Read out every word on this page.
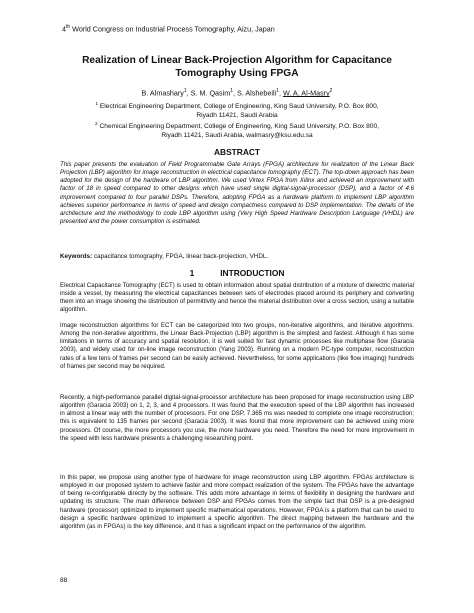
4th World Congress on Industrial Process Tomography, Aizu, Japan
Realization of Linear Back-Projection Algorithm for Capacitance
Tomography Using FPGA
B. Almashary$^1$, S. M. Qasim$^1$, S. Alshebeili$^1$, W. A. Al-Masry$^2$
$^1$ Electrical Engineering Department, College of Engineering, King Saud University, P.O. Box 800,
Riyadh 11421, Saudi Arabia
$^2$ Chemical Engineering Department, College of Engineering, King Saud University, P.O. Box 800,
Riyadh 11421, Saudi Arabia, walmasry@ksu.edu.sa
ABSTRACT
This paper presents the evaluation of Field Programmable Gate Arrays (FPGA) architecture for realization of the Linear Back Projection (LBP) algorithm for image reconstruction in electrical capacitance tomography (ECT). The top-down approach has been adopted for the design of the hardware of LBP algorithm. We used Virtex FPGA from Xilinx and achieved an improvement with factor of 18 in speed compared to other designs which have used single digital-signal-processor (DSP), and a factor of 4.6 improvement compared to four parallel DSPs. Therefore, adopting FPGA as a hardware platform to implement LBP algorithm achieves superior performance in terms of speed and design compactness compared to DSP implementation. The details of the architecture and the methodology to code LBP algorithm using (Very High Speed Hardware Description Language (VHDL) are presented and the power consumption is estimated.
Keywords: capacitance tomography, FPGA, linear back-projection, VHDL.
1	INTRODUCTION
Electrical Capacitance Tomography (ECT) is used to obtain information about spatial distribution of a mixture of dielectric material inside a vessel, by measuring the electrical capacitances between sets of electrodes placed around its periphery and converting them into an image showing the distribution of permittivity and hence the material distribution over a cross section, using a suitable algorithm.
Image reconstruction algorithms for ECT can be categorized into two groups, non-iterative algorithms, and iterative algorithms. Among the non-iterative algorithms, the Linear Back-Projection (LBP) algorithm is the simplest and fastest. Although it has some limitations in terms of accuracy and spatial resolution, it is well suited for fast dynamic processes like multiphase flow (Garacia 2003), and widely used for on-line image reconstruction (Yang 2003). Running on a modern PC-type computer, reconstruction rates of a few tens of frames per second can be easily achieved. Nevertheless, for some applications (like flow imaging) hundreds of frames per second may be required.
Recently, a high-performance parallel digital-signal-processor architecture has been proposed for image reconstruction using LBP algorithm (Garacia 2003) on 1, 2, 3, and 4 processors. It was found that the execution speed of the LBP algorithm has increased in almost a linear way with the number of processors. For one DSP, 7.365 ms was needed to complete one image reconstruction; this is equivalent to 135 frames per second (Garacia 2003). It was found that more improvement can be achieved using more processors. Of course, the more processors you use, the more hardware you need. Therefore the need for more improvement in the speed with less hardware presents a challenging researching point.
In this paper, we propose using another type of hardware for image reconstruction using LBP algorithm. FPGAs architecture is employed in our proposed system to achieve faster and more compact realization of the system. The FPGAs have the advantage of being re-configurable directly by the software. This adds more advantage in terms of flexibility in designing the hardware and updating its structure. The main difference between DSP and FPGAs comes from the simple fact that DSP is a pre-designed hardware (processor) optimized to implement specific mathematical operations. However, FPGA is a platform that can be used to design a specific hardware optimized to implement a specific algorithm. The direct mapping between the hardware and the algorithm (as in FPGAs) is the key difference, and it has a significant impact on the performance of the algorithm.
88
